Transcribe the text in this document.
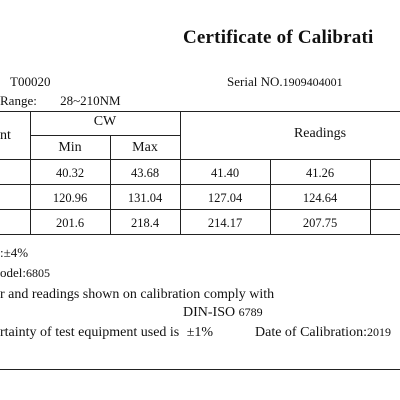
Certificate of Calibrati
T00020	Serial NO.1909404001
Range: 28~210NM
nt
CW
Min	Max
Readings
40.32	43.68	41.40	41.26
120.96	131.04	127.04	124.64
201.6	218.4	214.17	207.75
:±4%
odel:6805
r and readings shown on calibration comply with
DIN-ISO 6789
rtainty of test equipment used is ±1%	Date of Calibration:2019
